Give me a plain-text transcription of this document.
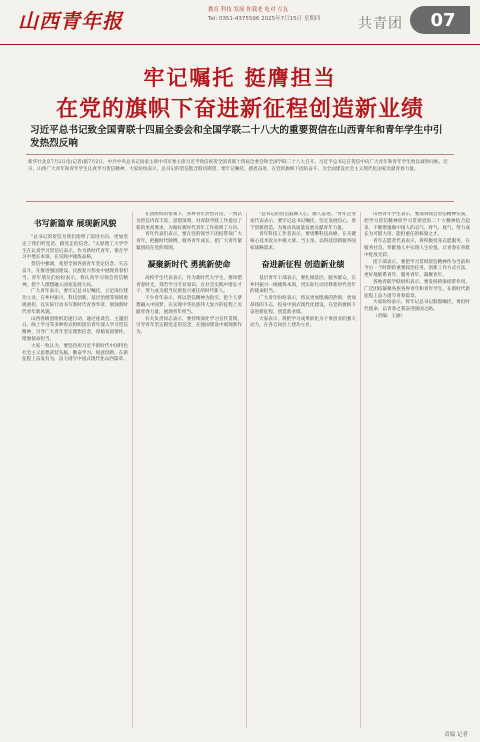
山西青年报	教育 科技 发展 你我老 吃对 互友
Tel: 0351-4375596 2025年7月15日 星期四	共青团	07
牢记嘱托 挺膺担当
在党的旗帜下奋进新征程创造新业绩
习近平总书记致全国青联十四届全委会和全国学联二十八大的重要贺信在山西青年和青年学生中引发热烈反响
新华社北京7月2日电(记者)据7月2日，中共中央总书记国家主席中央军委主席习近平致信祝贺全国青联十四届全委会和全国学联二十八大召开。习近平总书记在贺信中向广大青年和青年学生致以诚挚问候。近日，山西广大青年和青年学生认真学习贺信精神，大家纷纷表示，总书记的贺信饱含殷切期望，要牢记嘱托、感恩奋进，在党的旗帜下团结奋斗，为全面建设社会主义现代化国家贡献青春力量。
书写新篇章 展现新风貌

"总书记的贺信为我们指明了前进方向，更加坚定了我们听党话、跟党走的信念。"太原理工大学学生在认真学习贺信后表示，作为新时代青年，要在学习中增长本领，在实践中锤炼品格。

贺信中强调，希望全国各族青年坚定信念、矢志奋斗，在推进强国建设、民族复兴伟业中展现青春担当。青年朋友们纷纷表示，将认真学习领会贺信精神，把个人理想融入国家发展大局。

广大青年表示，要牢记总书记嘱托，立足岗位建功立业，在乡村振兴、科技创新、基层治理等领域勇挑重担，以实际行动书写新时代青春华章，展现新时代青年新风貌。

山西各级团组织迅速行动，通过座谈会、主题团日、线上学习等多种形式组织团员青年深入学习贺信精神，引导广大青年坚定理想信念，厚植家国情怀，增强使命担当。

大家一致认为，要坚持用习近平新时代中国特色社会主义思想武装头脑，勤奋学习，锐意创新，在新征程上奋发有为，奋力谱写中国式现代化山西篇章。

在团组织的带领下，各界青年热烈讨论，一致认为贺信内容丰富、思想深刻，对青联学联工作提出了新的更高要求，为做好新时代青年工作指明了方向。

青年代表们表示，要在党的领导下团结带领广大青年，把握时代脉搏，服务青年成长，把广大青年紧紧团结在党的周围。

凝聚新时代 勇挑新使命

高校学生代表表示，作为新时代大学生，要珍惜青春时光，刻苦学习专业知识，在社会实践中增长才干，努力成为堪当民族复兴重任的时代新人。

不少青年表示，将以贺信精神为指引，把个人梦想融入中国梦，在实现中华民族伟大复兴的征程上贡献青春力量，展现青年担当。

有关负责同志表示，要持续深化学习宣传贯彻，引导青年坚定跟党走的信念，在强国建设中展现新作为。

"总书记的贺信鼓舞人心、催人奋进。"青年企业家代表表示，要牢记总书记嘱托，坚定发展信心，勇于创新创造，为推动高质量发展贡献青年力量。

青年科技工作者表示，要勇攀科技高峰，在关键核心技术攻关中挑大梁、当主角，以科技创新服务国家战略需求。

奋进新征程 创造新业绩

基层青年干部表示，要扎根基层、服务群众，在乡村振兴一线锤炼本领，用实际行动诠释新时代青年的使命担当。

广大青年纷纷表示，将以更加饱满的热情、更加昂扬的斗志，投身中国式现代化建设，在党的旗帜下奋进新征程、创造新业绩。

大家表示，将把学习成果转化为干事创业的强大动力，在各自岗位上建功立业。

山西青年学生表示，要深刻领会贺信精神实质，把学习贺信精神同学习贯彻党的二十大精神结合起来，不断增强做中国人的志气、骨气、底气，努力成长为可堪大用、能担重任的栋梁之才。

青年志愿者代表表示，将积极投身志愿服务，在服务社会、奉献他人中实现人生价值，让青春在奉献中绽放光彩。

团干部表示，要把学习贯彻贺信精神作为当前和今后一个时期的重要政治任务，创新工作方式方法，更好地联系青年、服务青年、凝聚青年。

各地青联学联组织表示，要发挥桥梁纽带作用，广泛团结凝聚各族各界青年和青年学生，在新时代新征程上奋力谱写青春篇章。

大家纷纷表示，将牢记总书记殷殷嘱托，勇担时代使命，以青春之我奋进强国之路。

（责编：王丽）

责编 记者
